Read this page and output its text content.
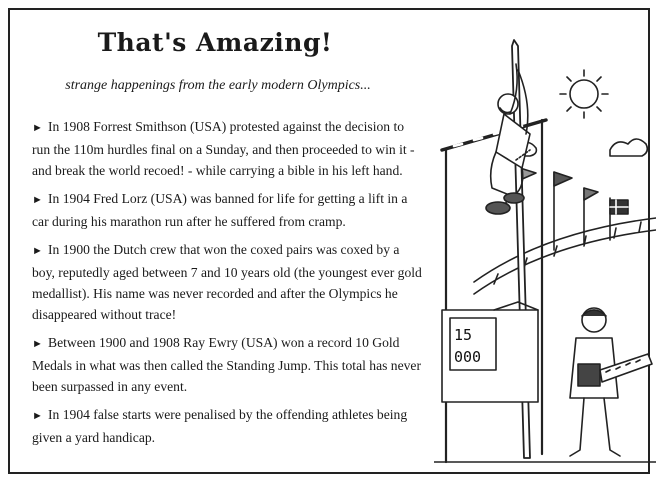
That's Amazing!

strange happenings from the early modern Olympics...

► In 1908 Forrest Smithson (USA) protested against the decision to run the 110m hurdles final on a Sunday, and then proceeded to win it - and break the world recoed! - while carrying a bible in his left hand.
► In 1904 Fred Lorz (USA) was banned for life for getting a lift in a car during his marathon run after he suffered from cramp.
► In 1900 the Dutch crew that won the coxed pairs was coxed by a boy, reputedly aged between 7 and 10 years old (the youngest ever gold medallist). His name was never recorded and after the Olympics he disappeared without trace!
► Between 1900 and 1908 Ray Ewry (USA) won a record 10 Gold Medals in what was then called the Standing Jump. This total has never been surpassed in any event.
► In 1904 false starts were penalised by the offending athletes being given a yard handicap.
15
000
